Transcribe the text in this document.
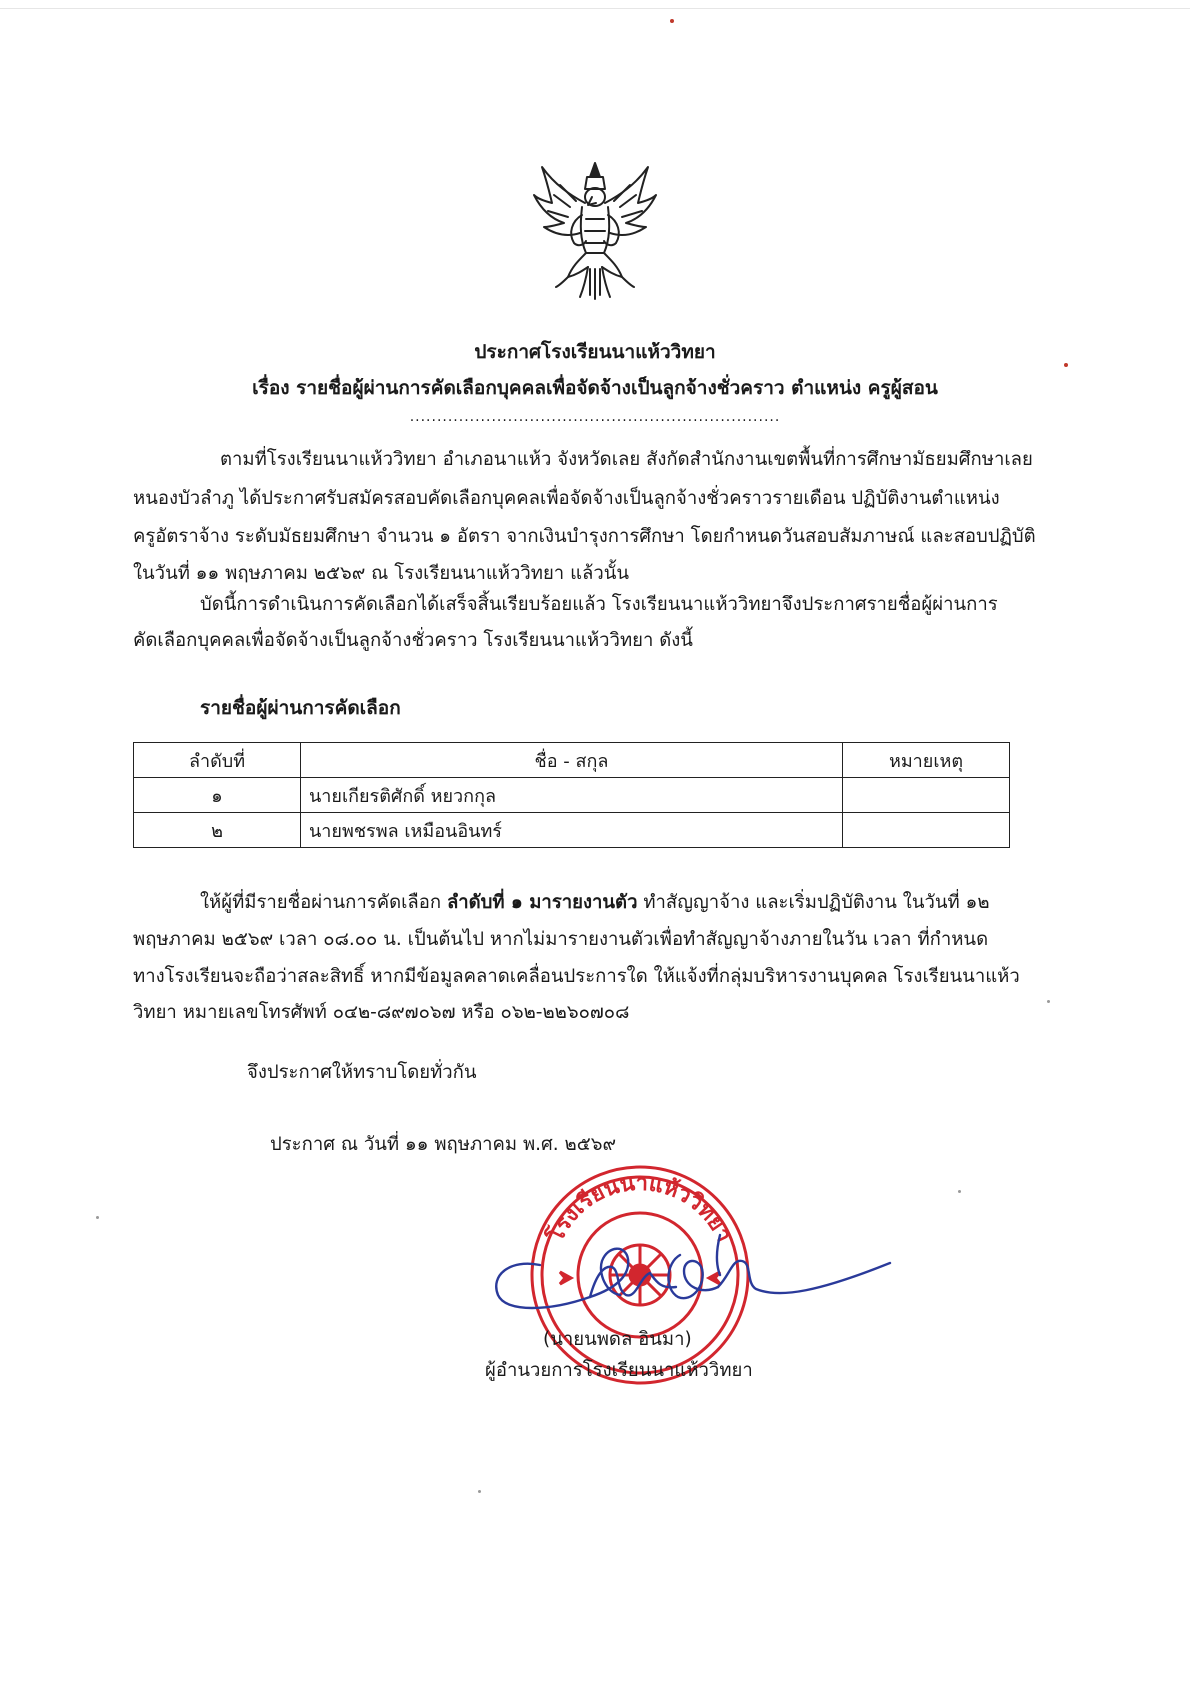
ประกาศโรงเรียนนาแห้ววิทยา
เรื่อง รายชื่อผู้ผ่านการคัดเลือกบุคคลเพื่อจัดจ้างเป็นลูกจ้างชั่วคราว ตำแหน่ง ครูผู้สอน
....................................................................
ตามที่โรงเรียนนาแห้ววิทยา อำเภอนาแห้ว จังหวัดเลย สังกัดสำนักงานเขตพื้นที่การศึกษามัธยมศึกษาเลย
หนองบัวลำภู ได้ประกาศรับสมัครสอบคัดเลือกบุคคลเพื่อจัดจ้างเป็นลูกจ้างชั่วคราวรายเดือน ปฏิบัติงานตำแหน่ง
ครูอัตราจ้าง ระดับมัธยมศึกษา จำนวน ๑ อัตรา จากเงินบำรุงการศึกษา โดยกำหนดวันสอบสัมภาษณ์ และสอบปฏิบัติ
ในวันที่ ๑๑ พฤษภาคม ๒๕๖๙ ณ โรงเรียนนาแห้ววิทยา แล้วนั้น
บัดนี้การดำเนินการคัดเลือกได้เสร็จสิ้นเรียบร้อยแล้ว โรงเรียนนาแห้ววิทยาจึงประกาศรายชื่อผู้ผ่านการ
คัดเลือกบุคคลเพื่อจัดจ้างเป็นลูกจ้างชั่วคราว โรงเรียนนาแห้ววิทยา ดังนี้
รายชื่อผู้ผ่านการคัดเลือก
ลำดับที่	ชื่อ - สกุล	หมายเหตุ
๑	นายเกียรติศักดิ์ หยวกกุล	
๒	นายพชรพล เหมือนอินทร์	
ให้ผู้ที่มีรายชื่อผ่านการคัดเลือก ลำดับที่ ๑ มารายงานตัว ทำสัญญาจ้าง และเริ่มปฏิบัติงาน ในวันที่ ๑๒
พฤษภาคม ๒๕๖๙ เวลา ๐๘.๐๐ น. เป็นต้นไป หากไม่มารายงานตัวเพื่อทำสัญญาจ้างภายในวัน เวลา ที่กำหนด
ทางโรงเรียนจะถือว่าสละสิทธิ์ หากมีข้อมูลคลาดเคลื่อนประการใด ให้แจ้งที่กลุ่มบริหารงานบุคคล โรงเรียนนาแห้ว
วิทยา หมายเลขโทรศัพท์ ๐๔๒-๘๙๗๐๖๗ หรือ ๐๖๒-๒๒๖๐๗๐๘
จึงประกาศให้ทราบโดยทั่วกัน
ประกาศ ณ วันที่ ๑๑ พฤษภาคม พ.ศ. ๒๕๖๙
โรงเรียนนาแห้ววิทยา
(นายนพดล อินมา)
ผู้อำนวยการโรงเรียนนาแห้ววิทยา
